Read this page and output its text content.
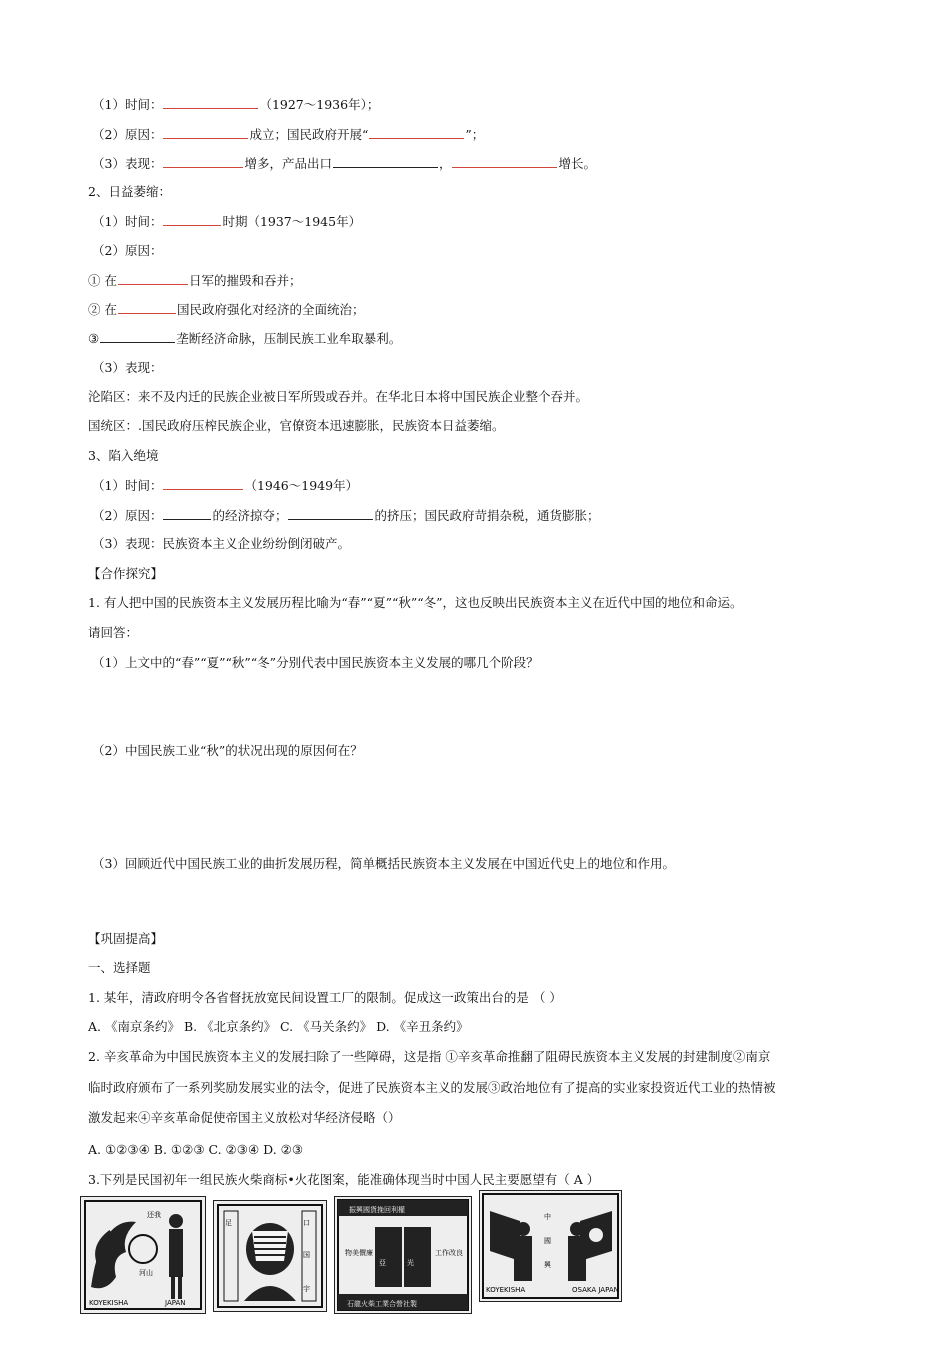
（1）时间：	（1927～1936年）；
（2）原因：	成立；国民政府开展“	”；
（3）表现：	增多，产品出口	，	增长。
2、日益萎缩：
（1）时间：	时期（1937～1945年）
（2）原因：
① 在	日军的摧毁和吞并；
② 在	国民政府强化对经济的全面统治；
③	垄断经济命脉，压制民族工业牟取暴利。
（3）表现：
沦陷区：来不及内迁的民族企业被日军所毁或吞并。在华北日本将中国民族企业整个吞并。
国统区：.国民政府压榨民族企业，官僚资本迅速膨胀，民族资本日益萎缩。
3、陷入绝境
（1）时间：	（1946～1949年）
（2）原因：	的经济掠夺；	的挤压；国民政府苛捐杂税，通货膨胀；
（3）表现：民族资本主义企业纷纷倒闭破产。
【合作探究】
1. 有人把中国的民族资本主义发展历程比喻为“春”“夏”“秋”“冬”，这也反映出民族资本主义在近代中国的地位和命运。
请回答：
（1）上文中的“春”“夏”“秋”“冬”分别代表中国民族资本主义发展的哪几个阶段？
（2）中国民族工业“秋”的状况出现的原因何在？
（3）回顾近代中国民族工业的曲折发展历程，简单概括民族资本主义发展在中国近代史上的地位和作用。
【巩固提高】
一、选择题
1. 某年，清政府明令各省督抚放宽民间设置工厂的限制。促成这一政策出台的是 （ ）
A. 《南京条约》 B. 《北京条约》 C. 《马关条约》 D. 《辛丑条约》
2. 辛亥革命为中国民族资本主义的发展扫除了一些障碍，这是指 ①辛亥革命推翻了阻碍民族资本主义发展的封建制度②南京
临时政府颁布了一系列奖励发展实业的法令，促进了民族资本主义的发展③政治地位有了提高的实业家投资近代工业的热情被
激发起来④辛亥革命促使帝国主义放松对华经济侵略（）
A. ①②③④ B. ①②③ C. ②③④ D. ②③
3.下列是民国初年一组民族火柴商标•火花图案，能准确体现当时中国人民主要愿望有（ A ）
还我
河山
KOYEKISHA	JAPAN
足	口
国
宇
振興國貨挽回利權
亞	光
物美價廉	工作改良
石龍火柴工業合營社製
中
國
興
KOYEKISHA	OSAKA JAPAN
